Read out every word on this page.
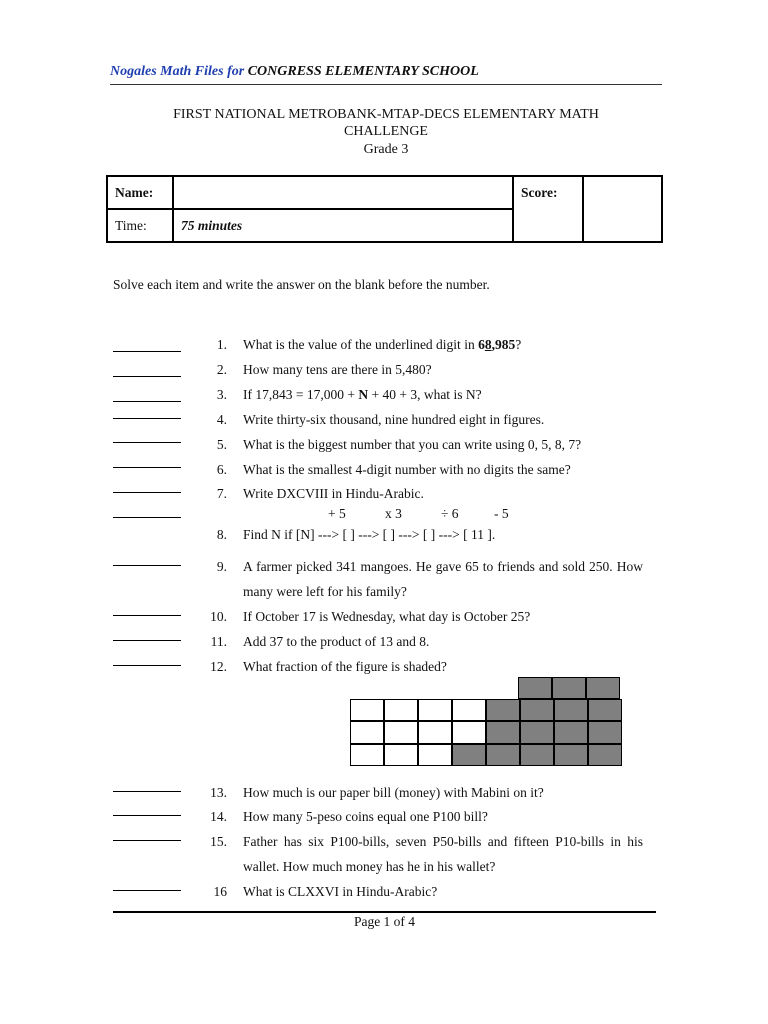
Nogales Math Files for CONGRESS ELEMENTARY SCHOOL
FIRST NATIONAL METROBANK-MTAP-DECS ELEMENTARY MATH
CHALLENGE
Grade 3
Name:		Score:	
Time:	75 minutes		
Solve each item and write the answer on the blank before the number.
1.
2.
3.
4.
5.
6.
7.
8.
9.
10.
11.
12.
13.
14.
15.
16
What is the value of the underlined digit in 68,985?
How many tens are there in 5,480?
If 17,843 = 17,000 + N + 40 + 3, what is N?
Write thirty-six thousand, nine hundred eight in figures.
What is the biggest number that you can write using 0, 5, 8, 7?
What is the smallest 4-digit number with no digits the same?
Write DXCVIII in Hindu-Arabic.
+ 5	x 3	÷ 6	- 5
Find N if [N] ---> [ ] ---> [ ] ---> [ ] ---> [ 11 ].
A farmer picked 341 mangoes. He gave 65 to friends and sold 250. How many were left for his family?
If October 17 is Wednesday, what day is October 25?
Add 37 to the product of 13 and 8.
What fraction of the figure is shaded?
How much is our paper bill (money) with Mabini on it?
How many 5-peso coins equal one P100 bill?
Father has six P100-bills, seven P50-bills and fifteen P10-bills in his wallet. How much money has he in his wallet?
What is CLXXVI in Hindu-Arabic?
Page 1 of 4
